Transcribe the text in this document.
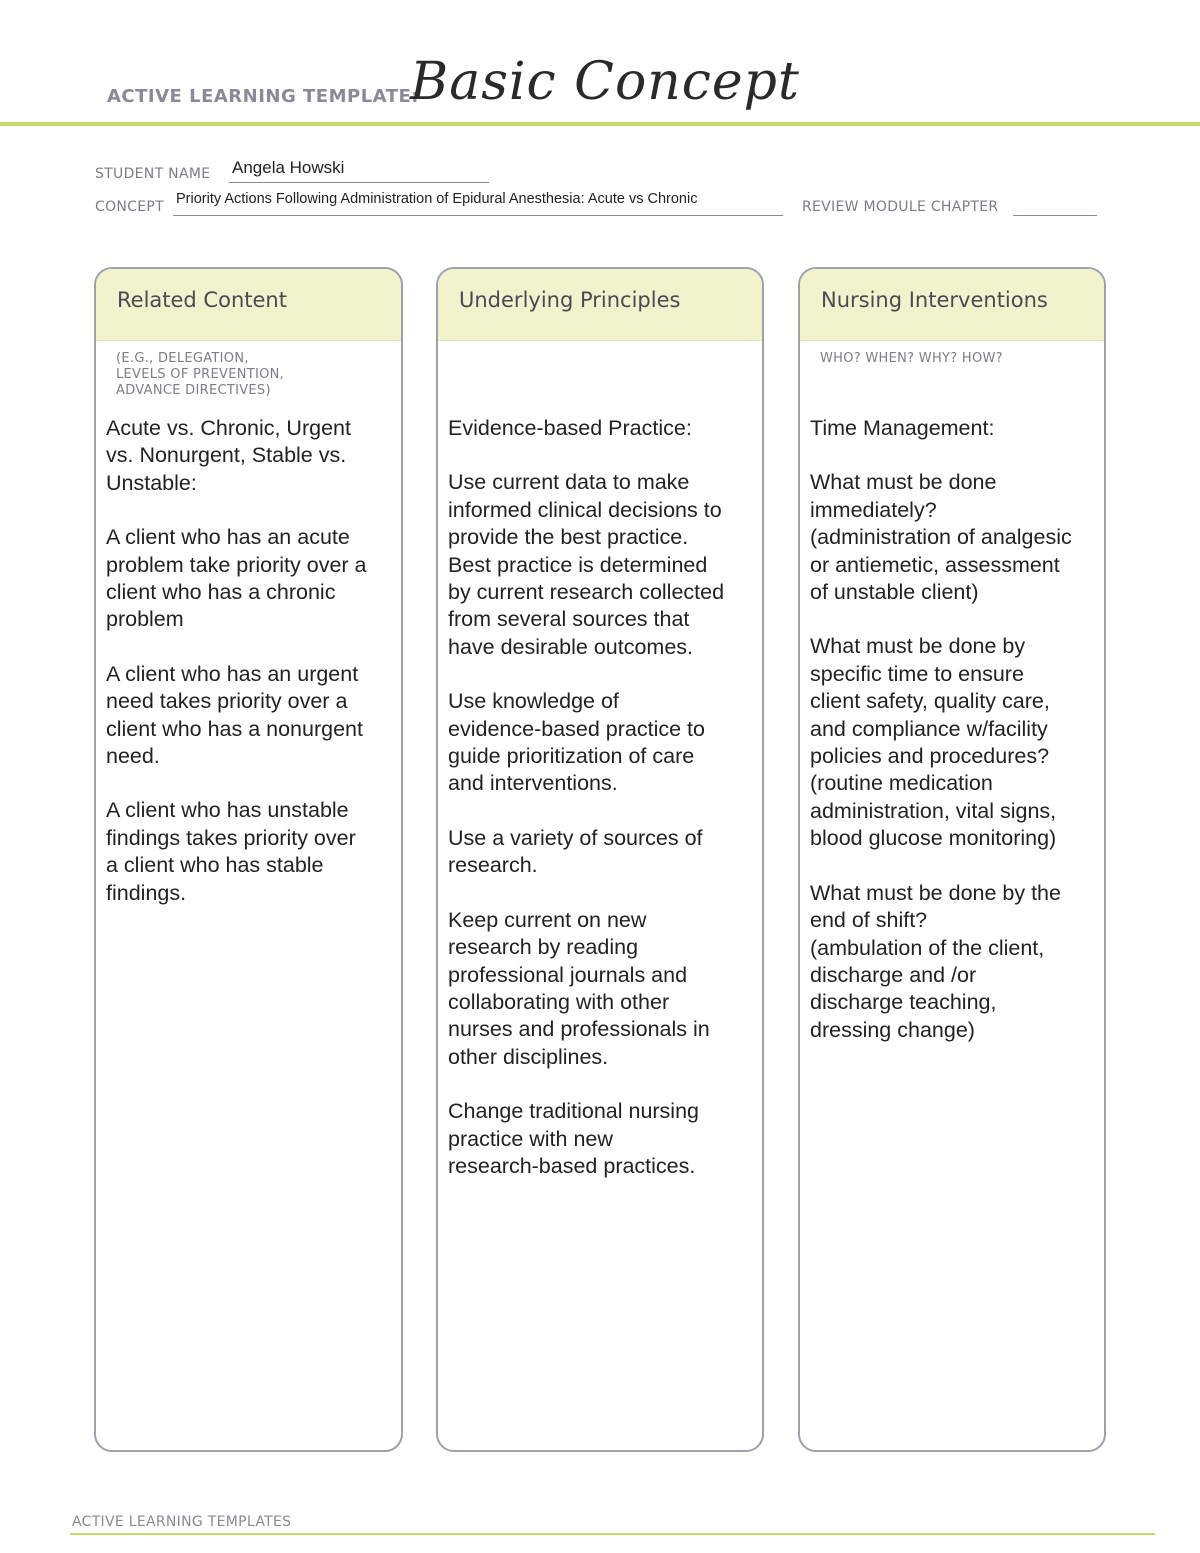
ACTIVE LEARNING TEMPLATE:
Basic Concept
STUDENT NAME Angela Howski
CONCEPT Priority Actions Following Administration of Epidural Anesthesia: Acute vs Chronic	REVIEW MODULE CHAPTER
Related Content
(E.G., DELEGATION,
LEVELS OF PREVENTION,
ADVANCE DIRECTIVES)

Acute vs. Chronic, Urgent
vs. Nonurgent, Stable vs.
Unstable:

A client who has an acute
problem take priority over a
client who has a chronic
problem

A client who has an urgent
need takes priority over a
client who has a nonurgent
need.

A client who has unstable
findings takes priority over
a client who has stable
findings.

Underlying Principles

Evidence-based Practice:

Use current data to make
informed clinical decisions to
provide the best practice.
Best practice is determined
by current research collected
from several sources that
have desirable outcomes.

Use knowledge of
evidence-based practice to
guide prioritization of care
and interventions.

Use a variety of sources of
research.

Keep current on new
research by reading
professional journals and
collaborating with other
nurses and professionals in
other disciplines.

Change traditional nursing
practice with new
research-based practices.

Nursing Interventions
WHO? WHEN? WHY? HOW?

Time Management:

What must be done
immediately?
(administration of analgesic
or antiemetic, assessment
of unstable client)

What must be done by
specific time to ensure
client safety, quality care,
and compliance w/facility
policies and procedures?
(routine medication
administration, vital signs,
blood glucose monitoring)

What must be done by the
end of shift?
(ambulation of the client,
discharge and /or
discharge teaching,
dressing change)

ACTIVE LEARNING TEMPLATES
